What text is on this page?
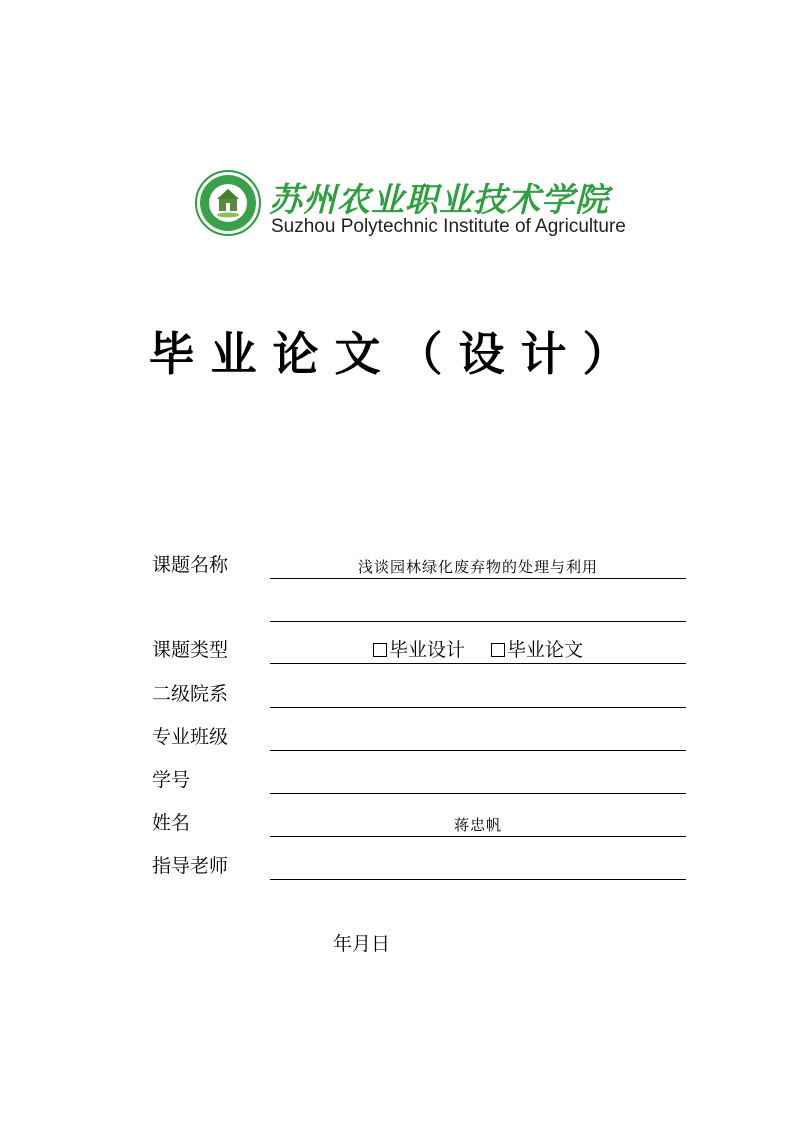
苏州农业职业技术学院
Suzhou Polytechnic Institute of Agriculture
毕业论文（设计）
课题名称	浅谈园林绿化废弃物的处理与利用
课题类型	毕业设计 毕业论文
二级院系
专业班级
学号
姓名	蒋忠帆
指导老师
年月日
